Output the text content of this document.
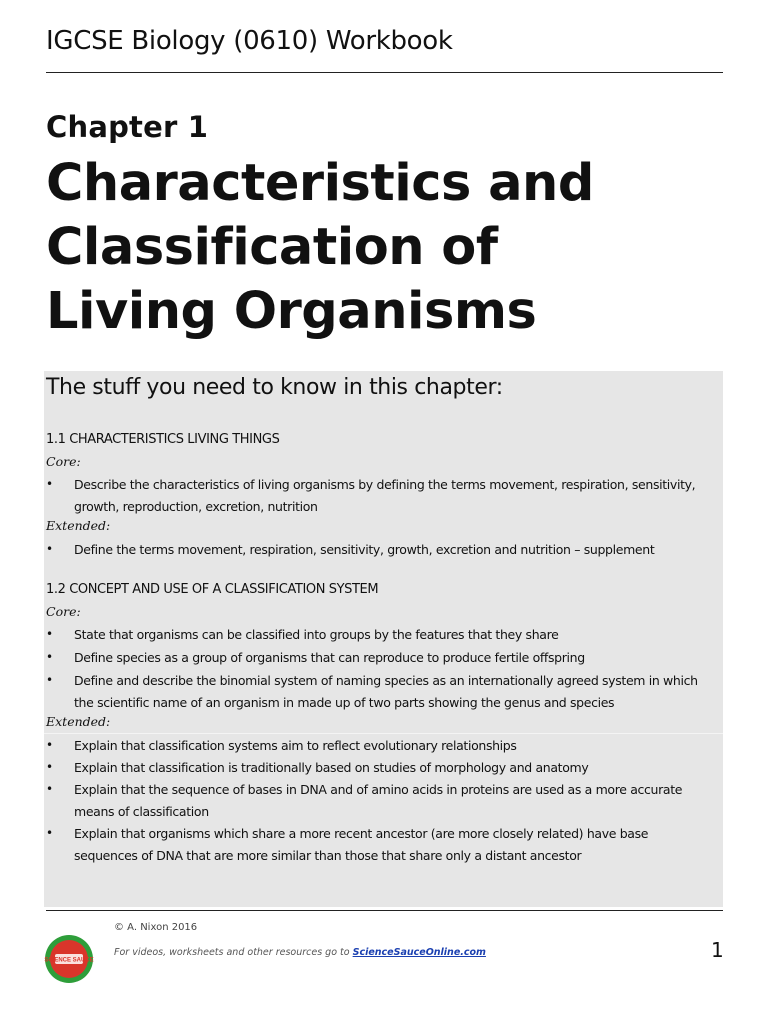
IGCSE Biology (0610) Workbook
Chapter 1
Characteristics and
Classification of
Living Organisms
The stuff you need to know in this chapter:
1.1 CHARACTERISTICS LIVING THINGS
Core:
•	Describe the characteristics of living organisms by defining the terms movement, respiration, sensitivity, growth, reproduction, excretion, nutrition
Extended:
•	Define the terms movement, respiration, sensitivity, growth, excretion and nutrition – supplement
1.2 CONCEPT AND USE OF A CLASSIFICATION SYSTEM
Core:
•	State that organisms can be classified into groups by the features that they share
•	Define species as a group of organisms that can reproduce to produce fertile offspring
•	Define and describe the binomial system of naming species as an internationally agreed system in which the scientific name of an organism in made up of two parts showing the genus and species
Extended:
•	Explain that classification systems aim to reflect evolutionary relationships
•	Explain that classification is traditionally based on studies of morphology and anatomy
•	Explain that the sequence of bases in DNA and of amino acids in proteins are used as a more accurate means of classification
•	Explain that organisms which share a more recent ancestor (are more closely related) have base sequences of DNA that are more similar than those that share only a distant ancestor
© A. Nixon 2016
SCIENCE SAUCE
For videos, worksheets and other resources go to ScienceSauceOnline.com	1
